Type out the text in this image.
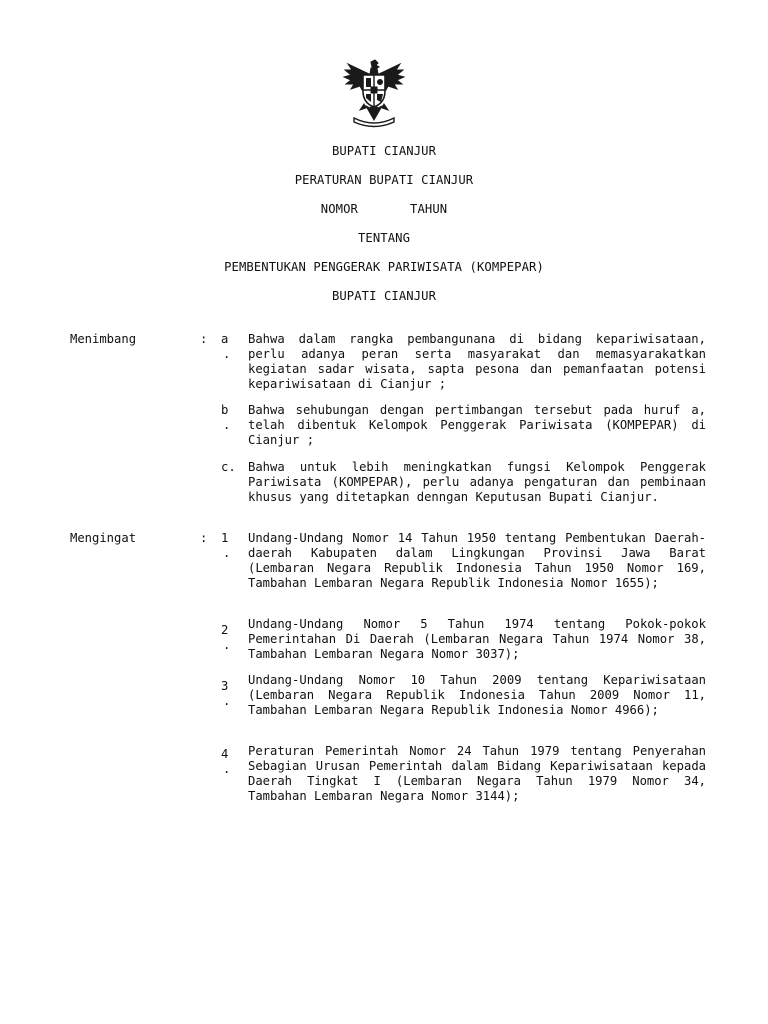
BUPATI CIANJUR
PERATURAN BUPATI CIANJUR
NOMOR       TAHUN
TENTANG
PEMBENTUKAN PENGGERAK PARIWISATA (KOMPEPAR)
BUPATI CIANJUR
Menimbang	: a
.
Bahwa dalam rangka pembangunana di bidang kepariwisataan, perlu adanya peran serta masyarakat dan memasyarakatkan kegiatan sadar wisata, sapta pesona dan pemanfaatan potensi kepariwisataan di Cianjur ;
b
.
Bahwa sehubungan dengan pertimbangan tersebut pada huruf a, telah dibentuk Kelompok Penggerak Pariwisata (KOMPEPAR) di Cianjur ;
c. Bahwa untuk lebih meningkatkan fungsi Kelompok Penggerak Pariwisata (KOMPEPAR), perlu adanya pengaturan dan pembinaan khusus yang ditetapkan denngan Keputusan Bupati Cianjur.
Mengingat	: 1
.
Undang-Undang Nomor 14 Tahun 1950 tentang Pembentukan Daerah-daerah Kabupaten dalam Lingkungan Provinsi Jawa Barat (Lembaran Negara Republik Indonesia Tahun 1950 Nomor 169, Tambahan Lembaran Negara Republik Indonesia Nomor 1655);
2
.
Undang-Undang Nomor 5 Tahun 1974 tentang Pokok-pokok Pemerintahan Di Daerah (Lembaran Negara Tahun 1974 Nomor 38, Tambahan Lembaran Negara Nomor 3037);
3
.
Undang-Undang Nomor 10 Tahun 2009 tentang Kepariwisataan (Lembaran Negara Republik Indonesia Tahun 2009 Nomor 11, Tambahan Lembaran Negara Republik Indonesia Nomor 4966);
4
.
Peraturan Pemerintah Nomor 24 Tahun 1979 tentang Penyerahan Sebagian Urusan Pemerintah dalam Bidang Kepariwisataan kepada Daerah Tingkat I (Lembaran Negara Tahun 1979 Nomor 34, Tambahan Lembaran Negara Nomor 3144);
